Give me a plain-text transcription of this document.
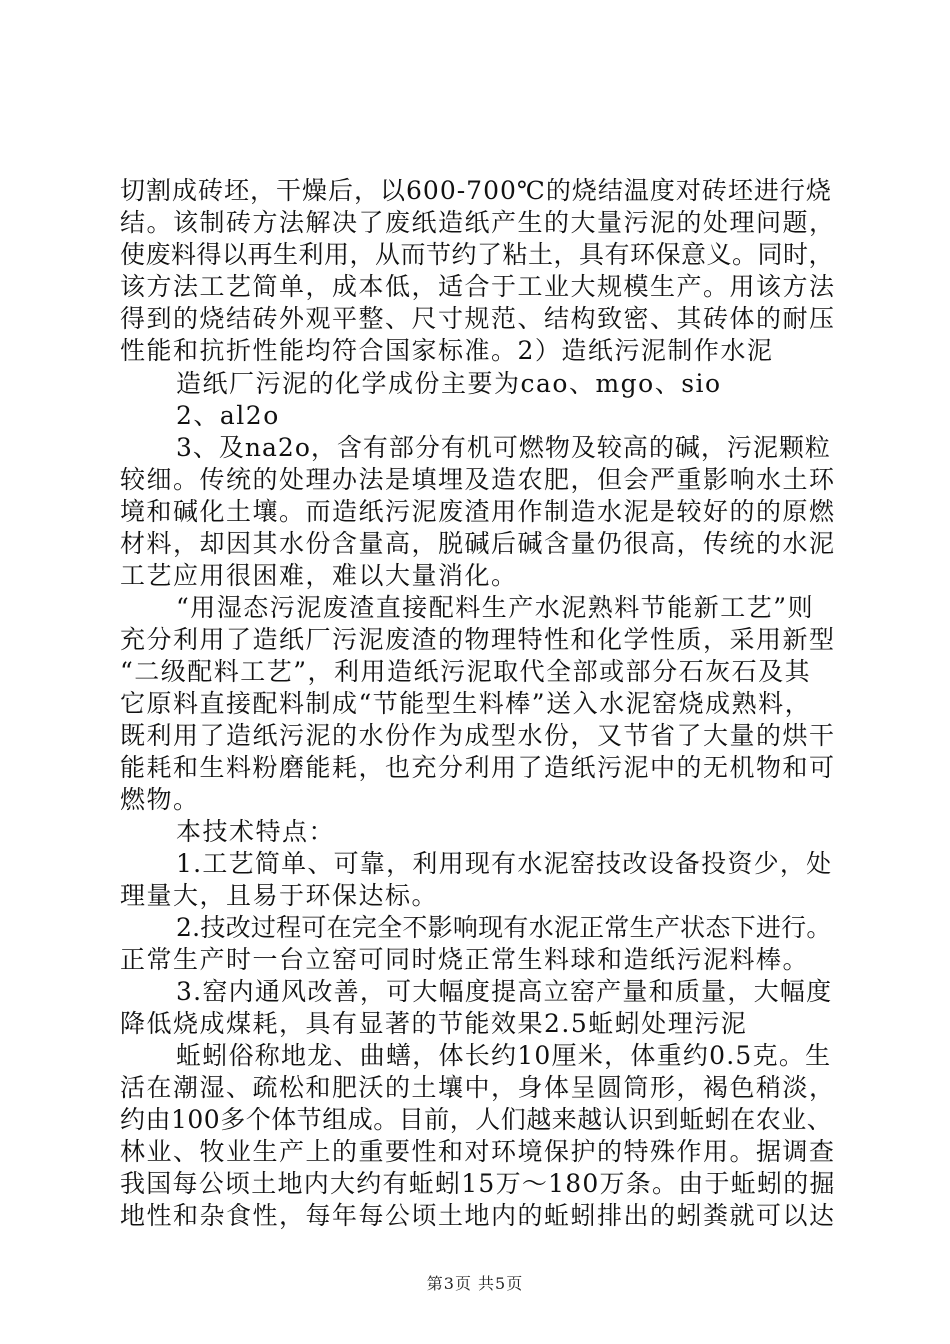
切割成砖坯，干燥后，以600-700℃的烧结温度对砖坯进行烧
结。该制砖方法解决了废纸造纸产生的大量污泥的处理问题，
使废料得以再生利用，从而节约了粘土，具有环保意义。同时，
该方法工艺简单，成本低，适合于工业大规模生产。用该方法
得到的烧结砖外观平整、尺寸规范、结构致密、其砖体的耐压
性能和抗折性能均符合国家标准。2）造纸污泥制作水泥
造纸厂污泥的化学成份主要为cao、mgo、sio
2、al2o
3、及na2o，含有部分有机可燃物及较高的碱，污泥颗粒
较细。传统的处理办法是填埋及造农肥，但会严重影响水土环
境和碱化土壤。而造纸污泥废渣用作制造水泥是较好的的原燃
材料，却因其水份含量高，脱碱后碱含量仍很高，传统的水泥
工艺应用很困难，难以大量消化。
“用湿态污泥废渣直接配料生产水泥熟料节能新工艺”则
充分利用了造纸厂污泥废渣的物理特性和化学性质，采用新型
“二级配料工艺”，利用造纸污泥取代全部或部分石灰石及其
它原料直接配料制成“节能型生料棒”送入水泥窑烧成熟料，
既利用了造纸污泥的水份作为成型水份，又节省了大量的烘干
能耗和生料粉磨能耗，也充分利用了造纸污泥中的无机物和可
燃物。
本技术特点：
1.工艺简单、可靠，利用现有水泥窑技改设备投资少，处
理量大，且易于环保达标。
2.技改过程可在完全不影响现有水泥正常生产状态下进行。
正常生产时一台立窑可同时烧正常生料球和造纸污泥料棒。
3.窑内通风改善，可大幅度提高立窑产量和质量，大幅度
降低烧成煤耗，具有显著的节能效果2.5蚯蚓处理污泥
蚯蚓俗称地龙、曲蟮，体长约10厘米，体重约0.5克。生
活在潮湿、疏松和肥沃的土壤中，身体呈圆筒形，褐色稍淡，
约由100多个体节组成。目前，人们越来越认识到蚯蚓在农业、
林业、牧业生产上的重要性和对环境保护的特殊作用。据调查
我国每公顷土地内大约有蚯蚓15万～180万条。由于蚯蚓的掘
地性和杂食性，每年每公顷土地内的蚯蚓排出的蚓粪就可以达
第3页 共5页
